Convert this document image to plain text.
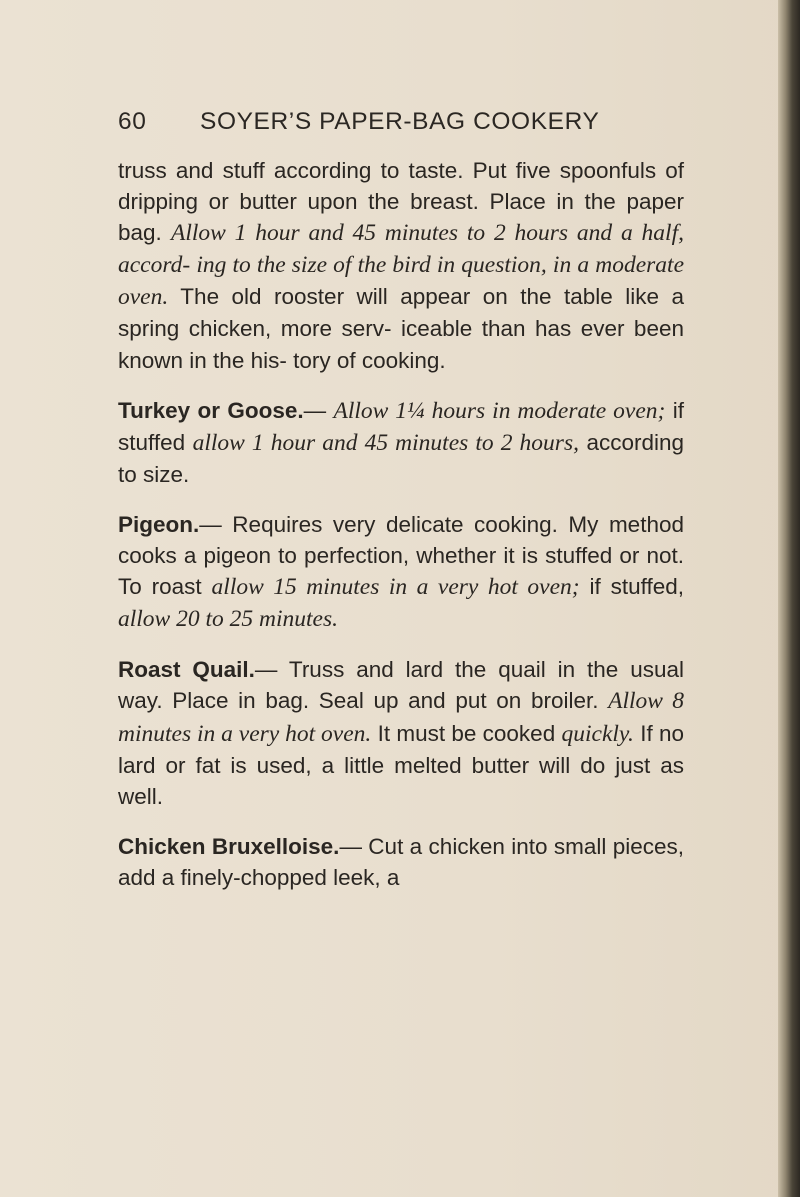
60 SOYER’S PAPER-BAG COOKERY

truss and stuff according to taste. Put five spoonfuls of dripping or butter upon the breast. Place in the paper bag. Allow 1 hour and 45 minutes to 2 hours and a half, accord- ing to the size of the bird in question, in a moderate oven. The old rooster will appear on the table like a spring chicken, more serv- iceable than has ever been known in the his- tory of cooking.

Turkey or Goose.— Allow 1¼ hours in moderate oven; if stuffed allow 1 hour and 45 minutes to 2 hours, according to size.

Pigeon.— Requires very delicate cooking. My method cooks a pigeon to perfection, whether it is stuffed or not. To roast allow 15 minutes in a very hot oven; if stuffed, allow 20 to 25 minutes.

Roast Quail.— Truss and lard the quail in the usual way. Place in bag. Seal up and put on broiler. Allow 8 minutes in a very hot oven. It must be cooked quickly. If no lard or fat is used, a little melted butter will do just as well.

Chicken Bruxelloise.— Cut a chicken into small pieces, add a finely-chopped leek, a
